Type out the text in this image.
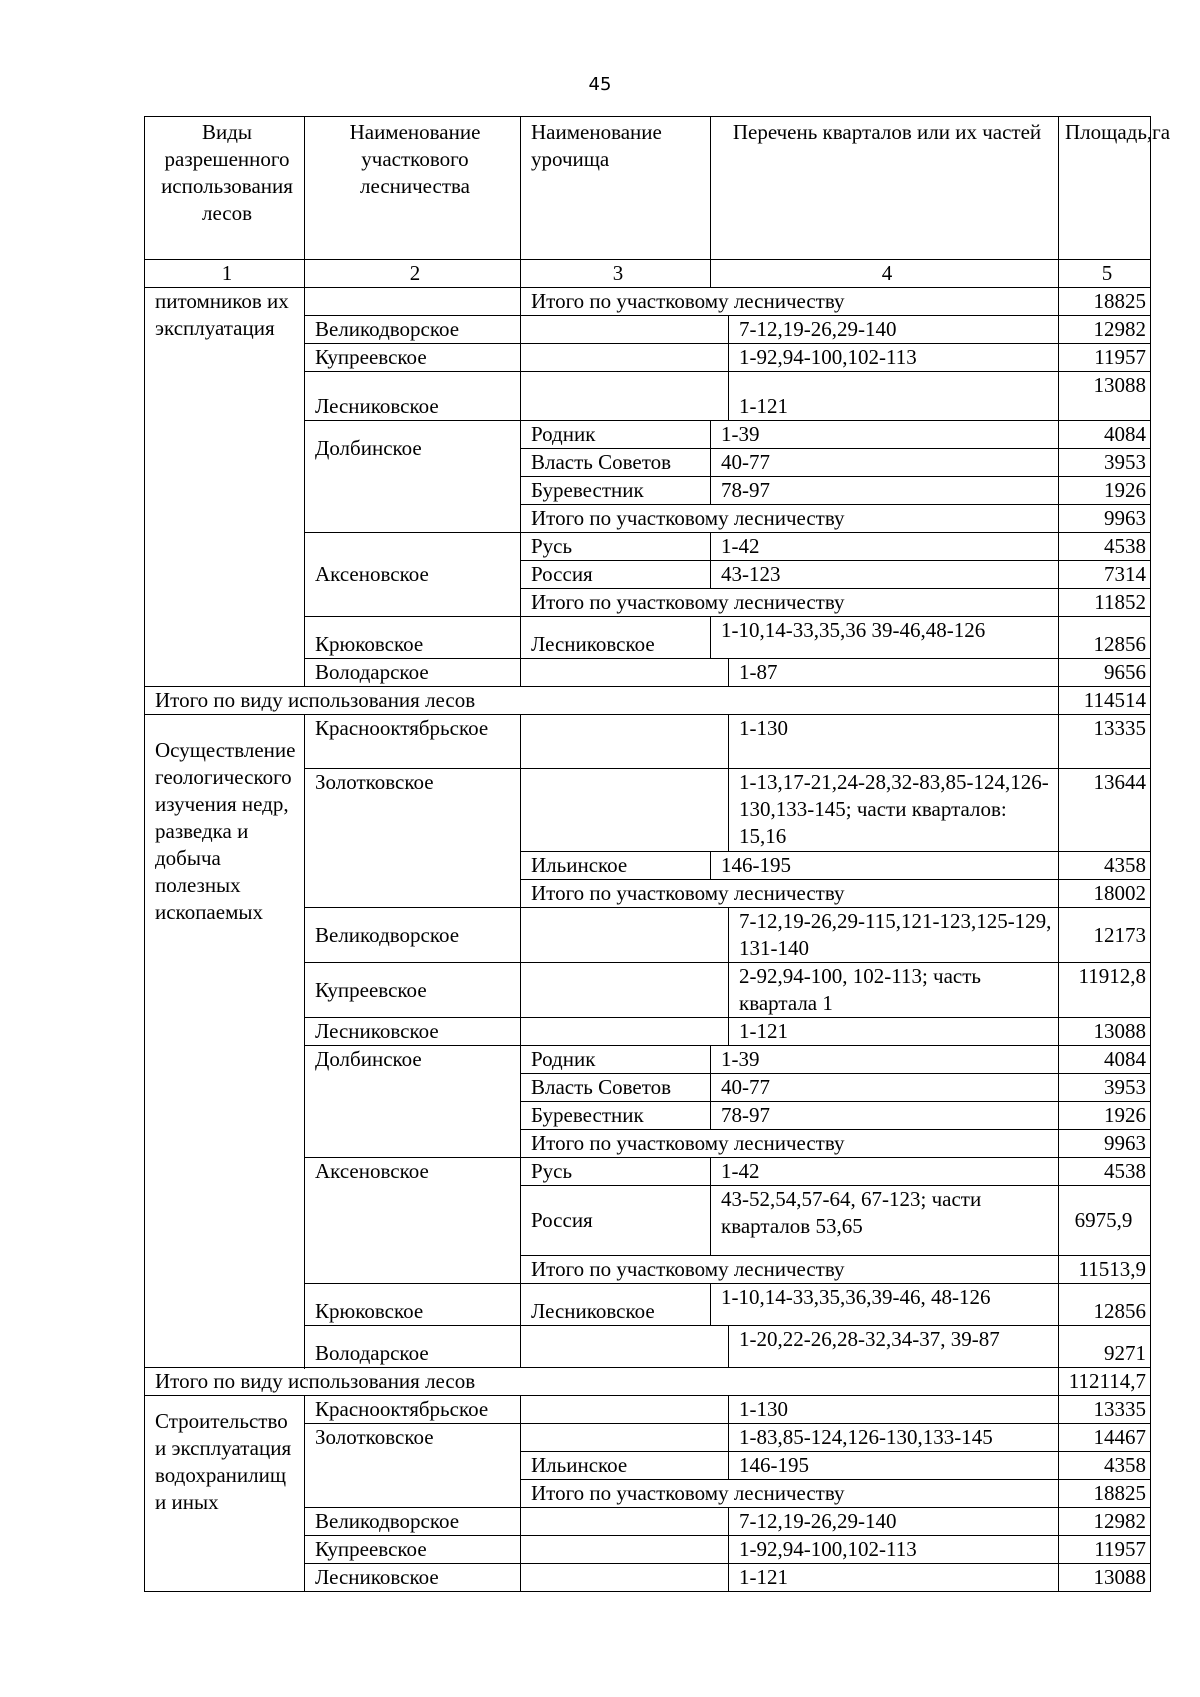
45
Виды разрешенного использования лесов	Наименование участкового лесничества	Наименование урочища	Перечень кварталов или их частей		Площадь,га
1	2	3	4		5
питомников их эксплуатация		Итого по участковому лесничеству			18825
	Великодворское			7-12,19-26,29-140	12982
	Купреевское			1-92,94-100,102-113	11957
	Лесниковское			1-121	13088
	Долбинское	Родник	1-39		4084
		Власть Советов	40-77		3953
		Буревестник	78-97		1926
		Итого по участковому лесничеству			9963
	Аксеновское	Русь	1-42		4538
		Россия	43-123		7314
		Итого по участковому лесничеству			11852
	Крюковское	Лесниковское	1-10,14-33,35,36 39-46,48-126		12856
	Володарское			1-87	9656

Итого по виду использования лесов					114514
Осуществление геологического изучения недр, разведка и добыча полезных ископаемых	Краснооктябрьское			1-130	13335
	Золотковское			1-13,17-21,24-28,32-83,85-124,126-130,133-145; части кварталов: 15,16	13644
		Ильинское	146-195		4358
		Итого по участковому лесничеству			18002
	Великодворское			7-12,19-26,29-115,121-123,125-129, 131-140	12173
	Купреевское			2-92,94-100, 102-113; часть квартала 1	11912,8
	Лесниковское			1-121	13088
	Долбинское	Родник	1-39		4084
		Власть Советов	40-77		3953
		Буревестник	78-97		1926
		Итого по участковому лесничеству			9963
	Аксеновское	Русь	1-42		4538
		Россия	43-52,54,57-64, 67-123; части кварталов 53,65		6975,9
		Итого по участковому лесничеству			11513,9
	Крюковское	Лесниковское	1-10,14-33,35,36,39-46, 48-126		12856
	Володарское			1-20,22-26,28-32,34-37, 39-87	9271

Итого по виду использования лесов					112114,7
Строительство и эксплуатация водохранилищ и иных	Краснооктябрьское			1-130	13335
	Золотковское			1-83,85-124,126-130,133-145	14467
		Ильинское		146-195	4358
		Итого по участковому лесничеству			18825
	Великодворское			7-12,19-26,29-140	12982
	Купреевское			1-92,94-100,102-113	11957
	Лесниковское			1-121	13088
